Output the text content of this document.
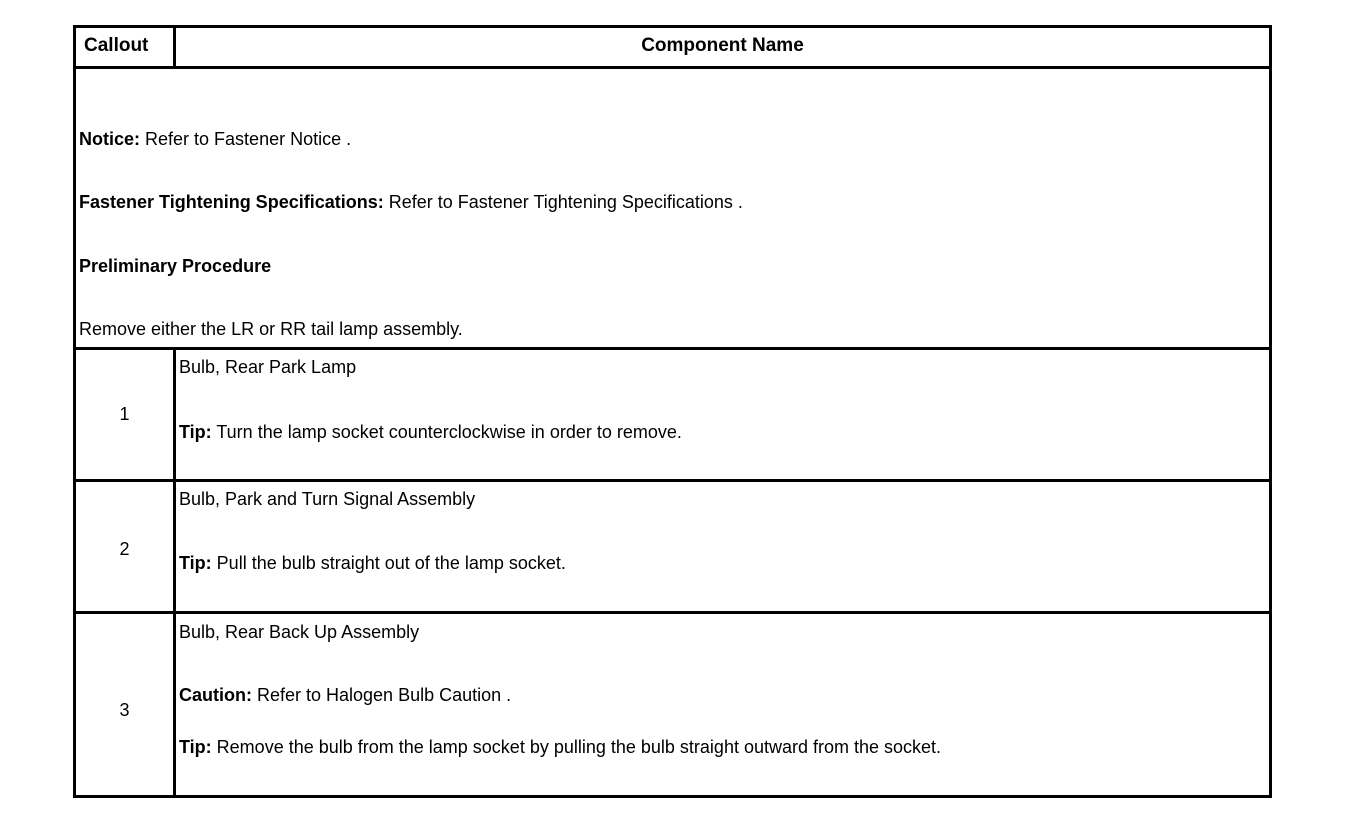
Callout	Component Name
Notice: Refer to Fastener Notice .
Fastener Tightening Specifications: Refer to Fastener Tightening Specifications .
Preliminary Procedure
Remove either the LR or RR tail lamp assembly.
1
Bulb, Rear Park Lamp
Tip: Turn the lamp socket counterclockwise in order to remove.
2
Bulb, Park and Turn Signal Assembly
Tip: Pull the bulb straight out of the lamp socket.
3
Bulb, Rear Back Up Assembly
Caution: Refer to Halogen Bulb Caution .
Tip: Remove the bulb from the lamp socket by pulling the bulb straight outward from the socket.
